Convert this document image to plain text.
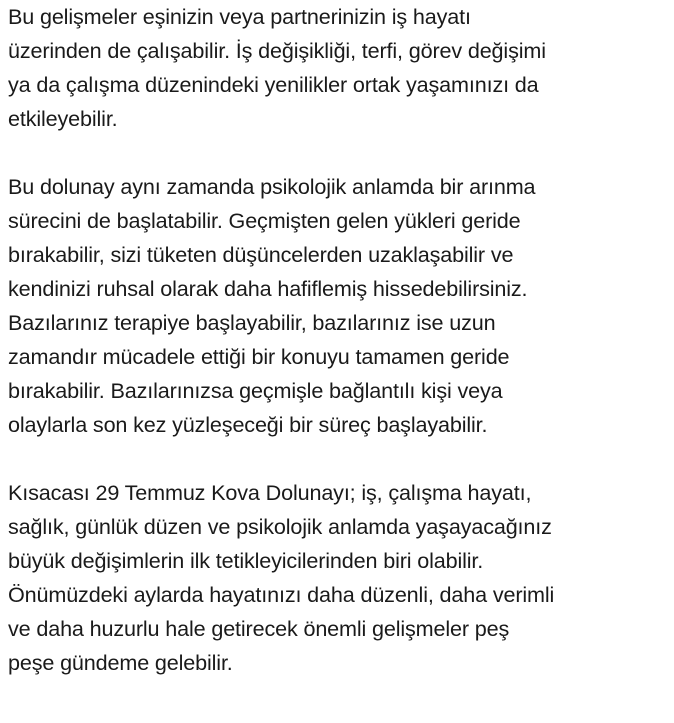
Bu gelişmeler eşinizin veya partnerinizin iş hayatı
üzerinden de çalışabilir. İş değişikliği, terfi, görev değişimi
ya da çalışma düzenindeki yenilikler ortak yaşamınızı da
etkileyebilir.

Bu dolunay aynı zamanda psikolojik anlamda bir arınma
sürecini de başlatabilir. Geçmişten gelen yükleri geride
bırakabilir, sizi tüketen düşüncelerden uzaklaşabilir ve
kendinizi ruhsal olarak daha hafiflemiş hissedebilirsiniz.
Bazılarınız terapiye başlayabilir, bazılarınız ise uzun
zamandır mücadele ettiği bir konuyu tamamen geride
bırakabilir. Bazılarınızsa geçmişle bağlantılı kişi veya
olaylarla son kez yüzleşeceği bir süreç başlayabilir.

Kısacası 29 Temmuz Kova Dolunayı; iş, çalışma hayatı,
sağlık, günlük düzen ve psikolojik anlamda yaşayacağınız
büyük değişimlerin ilk tetikleyicilerinden biri olabilir.
Önümüzdeki aylarda hayatınızı daha düzenli, daha verimli
ve daha huzurlu hale getirecek önemli gelişmeler peş
peşe gündeme gelebilir.
